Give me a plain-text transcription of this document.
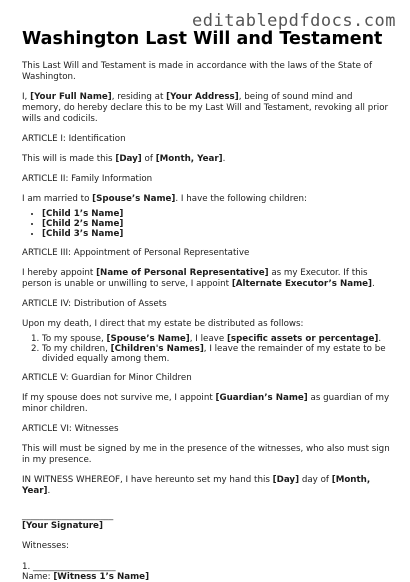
editablepdfdocs.com
Washington Last Will and Testament

This Last Will and Testament is made in accordance with the laws of the State of Washington.

I, [Your Full Name], residing at [Your Address], being of sound mind and memory, do hereby declare this to be my Last Will and Testament, revoking all prior wills and codicils.

ARTICLE I: Identification

This will is made this [Day] of [Month, Year].

ARTICLE II: Family Information

I am married to [Spouse’s Name]. I have the following children:

• [Child 1’s Name]
• [Child 2’s Name]
• [Child 3’s Name]

ARTICLE III: Appointment of Personal Representative

I hereby appoint [Name of Personal Representative] as my Executor. If this person is unable or unwilling to serve, I appoint [Alternate Executor’s Name].

ARTICLE IV: Distribution of Assets

Upon my death, I direct that my estate be distributed as follows:

1. To my spouse, [Spouse’s Name], I leave [specific assets or percentage].
2. To my children, [Children's Names], I leave the remainder of my estate to be divided equally among them.

ARTICLE V: Guardian for Minor Children

If my spouse does not survive me, I appoint [Guardian’s Name] as guardian of my minor children.

ARTICLE VI: Witnesses

This will must be signed by me in the presence of the witnesses, who also must sign in my presence.

IN WITNESS WHEREOF, I have hereunto set my hand this [Day] day of [Month, Year].

_____________________

[Your Signature]

Witnesses:

1. ___________________

Name: [Witness 1’s Name]
